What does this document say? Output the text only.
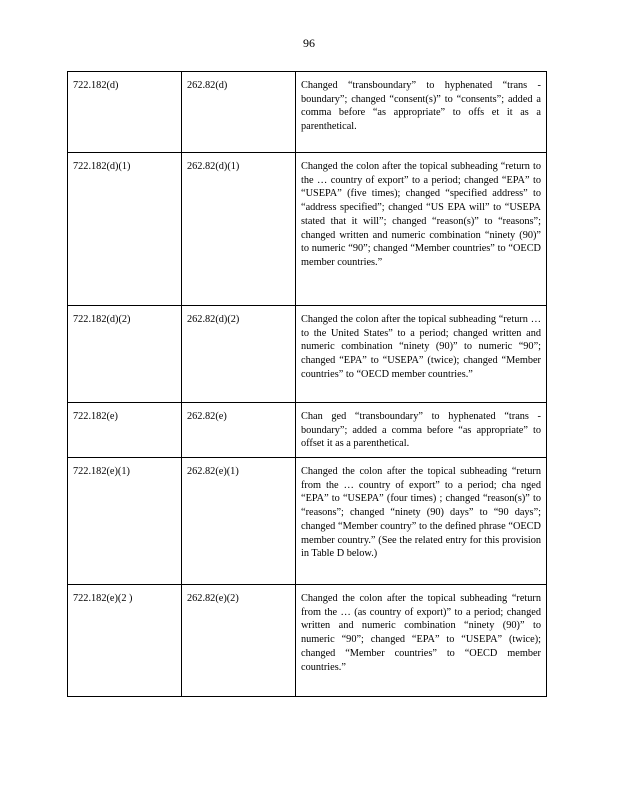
96
722.182(d)	262.82(d)	Changed “transboundary” to hyphenated “trans - boundary”; changed “consent(s)” to “consents”; added a comma before “as appropriate” to offs et it as a parenthetical.
722.182(d)(1)	262.82(d)(1)	Changed the colon after the topical subheading “return to the … country of export” to a period; changed “EPA” to “USEPA” (five times); changed “specified address” to “address specified”; changed “US EPA will” to “USEPA stated that it will”; changed “reason(s)” to “reasons”; changed written and numeric combination “ninety (90)” to numeric “90”; changed “Member countries” to “OECD member countries.”
722.182(d)(2)	262.82(d)(2)	Changed the colon after the topical subheading “return … to the United States” to a period; changed written and numeric combination “ninety (90)” to numeric “90”; changed “EPA” to “USEPA” (twice); changed “Member countries” to “OECD member countries.”
722.182(e)	262.82(e)	Chan ged “transboundary” to hyphenated “trans - boundary”; added a comma before “as appropriate” to offset it as a parenthetical.
722.182(e)(1)	262.82(e)(1)	Changed the colon after the topical subheading “return from the … country of export” to a period; cha nged “EPA” to “USEPA” (four times) ; changed “reason(s)” to “reasons”; changed “ninety (90) days” to “90 days”; changed “Member country” to the defined phrase “OECD member country.” (See the related entry for this provision in Table D below.)
722.182(e)(2 )	262.82(e)(2)	Changed the colon after the topical subheading “return from the … (as country of export)” to a period; changed written and numeric combination “ninety (90)” to numeric “90”; changed “EPA” to “USEPA” (twice); changed “Member countries” to “OECD member countries.”
